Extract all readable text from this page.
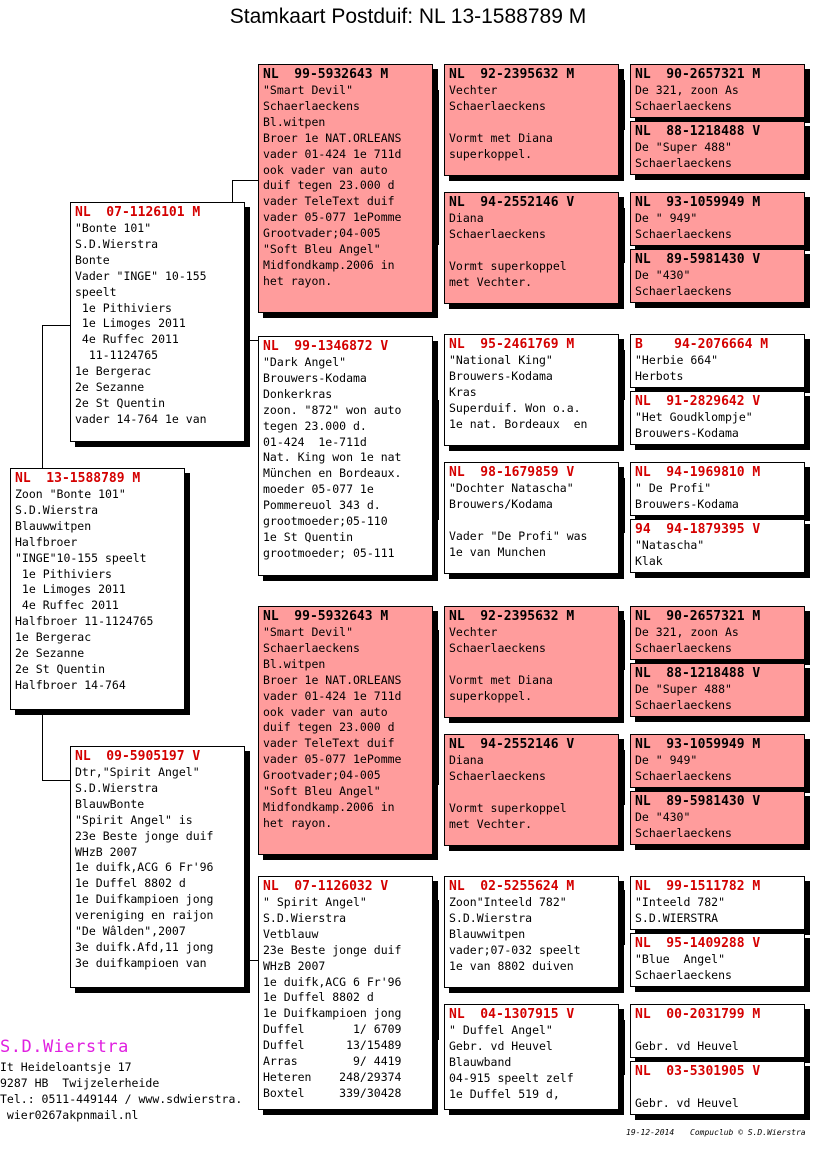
Stamkaart Postduif: NL 13-1588789 M
NL  13-1588789 M
Zoon "Bonte 101"
S.D.Wierstra
Blauwwitpen
Halfbroer
"INGE"10-155 speelt
1e Pithiviers
1e Limoges 2011
4e Ruffec 2011
Halfbroer 11-1124765
1e Bergerac
2e Sezanne
2e St Quentin
Halfbroer 14-764
NL  07-1126101 M
"Bonte 101"
S.D.Wierstra
Bonte
Vader "INGE" 10-155
speelt
1e Pithiviers
1e Limoges 2011
4e Ruffec 2011
11-1124765
1e Bergerac
2e Sezanne
2e St Quentin
vader 14-764 1e van
NL  09-5905197 V
Dtr,"Spirit Angel"
S.D.Wierstra
BlauwBonte
"Spirit Angel" is
23e Beste jonge duif
WHzB 2007
1e duifk,ACG 6 Fr'96
1e Duffel 8802 d
1e Duifkampioen jong
vereniging en raijon
"De Wâlden",2007
3e duifk.Afd,11 jong
3e duifkampioen van
NL  99-5932643 M
"Smart Devil"
Schaerlaeckens
Bl.witpen
Broer 1e NAT.ORLEANS
vader 01-424 1e 711d
ook vader van auto
duif tegen 23.000 d
vader TeleText duif
vader 05-077 1ePomme
Grootvader;04-005
"Soft Bleu Angel"
Midfondkamp.2006 in
het rayon.
NL  99-1346872 V
"Dark Angel"
Brouwers-Kodama
Donkerkras
zoon. "872" won auto
tegen 23.000 d.
01-424  1e-711d
Nat. King won 1e nat
München en Bordeaux.
moeder 05-077 1e
Pommereuol 343 d.
grootmoeder;05-110
1e St Quentin
grootmoeder; 05-111
NL  99-5932643 M
"Smart Devil"
Schaerlaeckens
Bl.witpen
Broer 1e NAT.ORLEANS
vader 01-424 1e 711d
ook vader van auto
duif tegen 23.000 d
vader TeleText duif
vader 05-077 1ePomme
Grootvader;04-005
"Soft Bleu Angel"
Midfondkamp.2006 in
het rayon.
NL  07-1126032 V
" Spirit Angel"
S.D.Wierstra
Vetblauw
23e Beste jonge duif
WHzB 2007
1e duifk,ACG 6 Fr'96
1e Duffel 8802 d
1e Duifkampioen jong
Duffel       1/ 6709
Duffel      13/15489
Arras        9/ 4419
Heteren    248/29374
Boxtel     339/30428
NL  92-2395632 M
Vechter
Schaerlaeckens
Vormt met Diana
superkoppel.
NL  94-2552146 V
Diana
Schaerlaeckens
Vormt superkoppel
met Vechter.
NL  95-2461769 M
"National King"
Brouwers-Kodama
Kras
Superduif. Won o.a.
1e nat. Bordeaux  en
NL  98-1679859 V
"Dochter Natascha"
Brouwers/Kodama
Vader "De Profi" was
1e van Munchen
NL  92-2395632 M
Vechter
Schaerlaeckens
Vormt met Diana
superkoppel.
NL  94-2552146 V
Diana
Schaerlaeckens
Vormt superkoppel
met Vechter.
NL  02-5255624 M
Zoon"Inteeld 782"
S.D.Wierstra
Blauwwitpen
vader;07-032 speelt
1e van 8802 duiven
NL  04-1307915 V
" Duffel Angel"
Gebr. vd Heuvel
Blauwband
04-915 speelt zelf
1e Duffel 519 d,
NL  90-2657321 M
De 321, zoon As
Schaerlaeckens
NL  88-1218488 V
De "Super 488"
Schaerlaeckens
NL  93-1059949 M
De " 949"
Schaerlaeckens
NL  89-5981430 V
De "430"
Schaerlaeckens
B    94-2076664 M
"Herbie 664"
Herbots
NL  91-2829642 V
"Het Goudklompje"
Brouwers-Kodama
NL  94-1969810 M
" De Profi"
Brouwers-Kodama
94  94-1879395 V
"Natascha"
Klak
NL  90-2657321 M
De 321, zoon As
Schaerlaeckens
NL  88-1218488 V
De "Super 488"
Schaerlaeckens
NL  93-1059949 M
De " 949"
Schaerlaeckens
NL  89-5981430 V
De "430"
Schaerlaeckens
NL  99-1511782 M
"Inteeld 782"
S.D.WIERSTRA
NL  95-1409288 V
"Blue  Angel"
Schaerlaeckens
NL  00-2031799 M
Gebr. vd Heuvel
NL  03-5301905 V
Gebr. vd Heuvel
S.D.Wierstra
It Heideloantsje 17
9287 HB  Twijzelerheide
Tel.: 0511-449144 / www.sdwierstra.
wier0267akpnmail.nl
19-12-2014 Compuclub © S.D.Wierstra
